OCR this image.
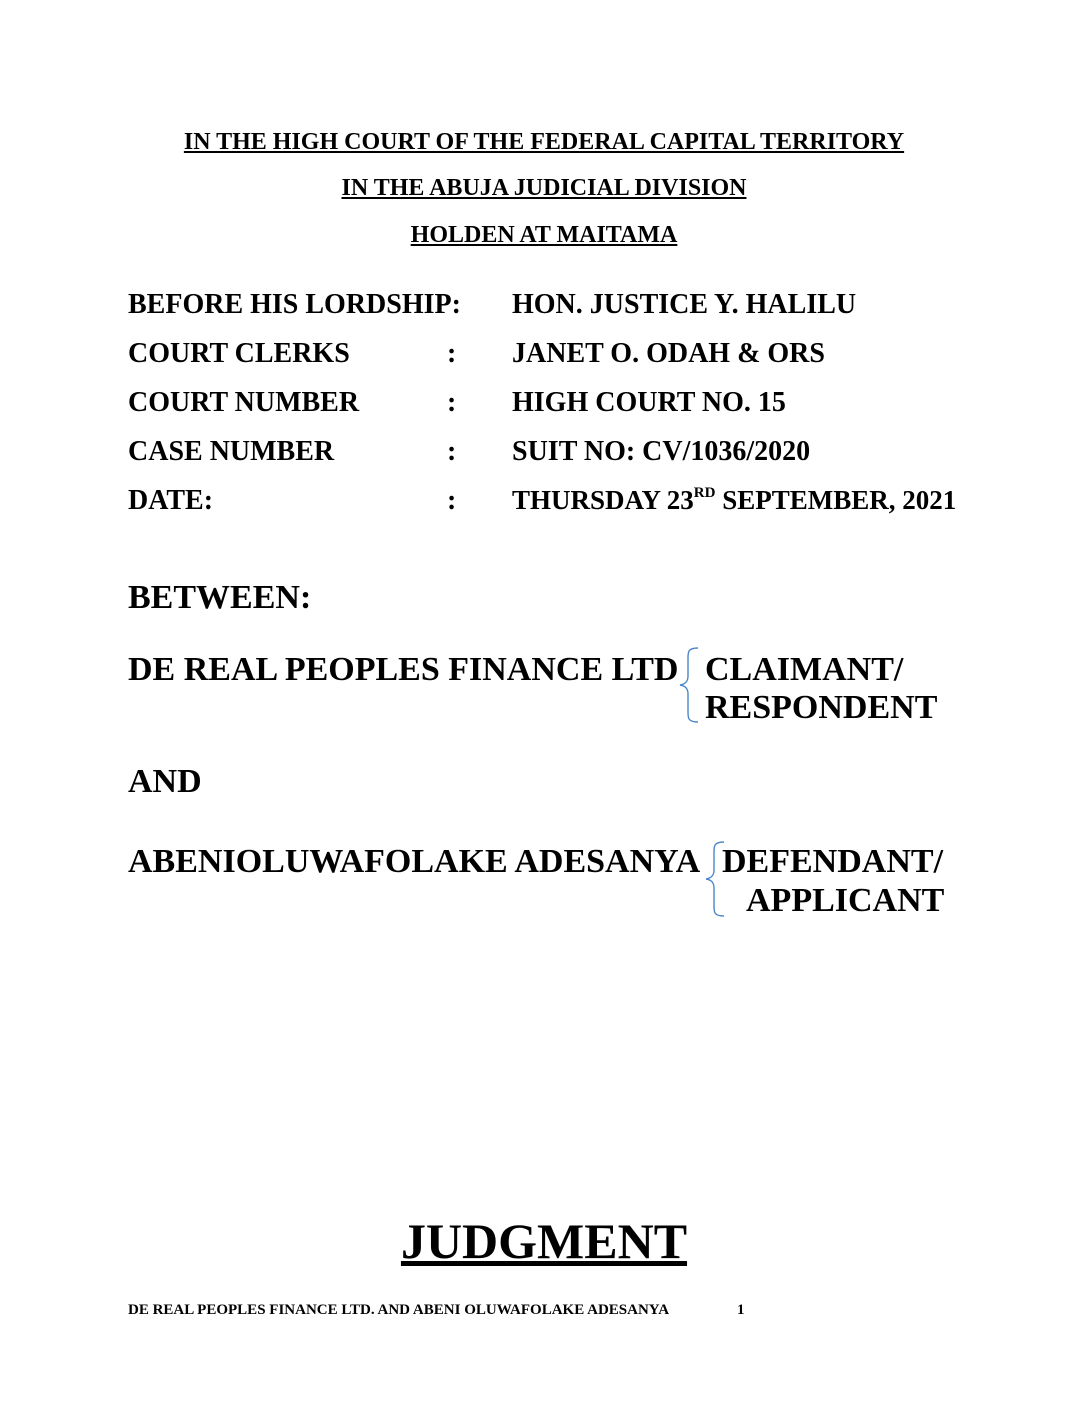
IN THE HIGH COURT OF THE FEDERAL CAPITAL TERRITORY
IN THE ABUJA JUDICIAL DIVISION
HOLDEN AT MAITAMA
BEFORE HIS LORDSHIP: HON. JUSTICE Y. HALILU
COURT CLERKS	: JANET O. ODAH & ORS
COURT NUMBER	: HIGH COURT NO. 15
CASE NUMBER	: SUIT NO: CV/1036/2020
DATE:	: THURSDAY 23RD SEPTEMBER, 2021
BETWEEN:
DE REAL PEOPLES FINANCE LTD CLAIMANT/
RESPONDENT
AND
ABENIOLUWAFOLAKE ADESANYA DEFENDANT/
APPLICANT
JUDGMENT
DE REAL PEOPLES FINANCE LTD. AND ABENI OLUWAFOLAKE ADESANYA	1
